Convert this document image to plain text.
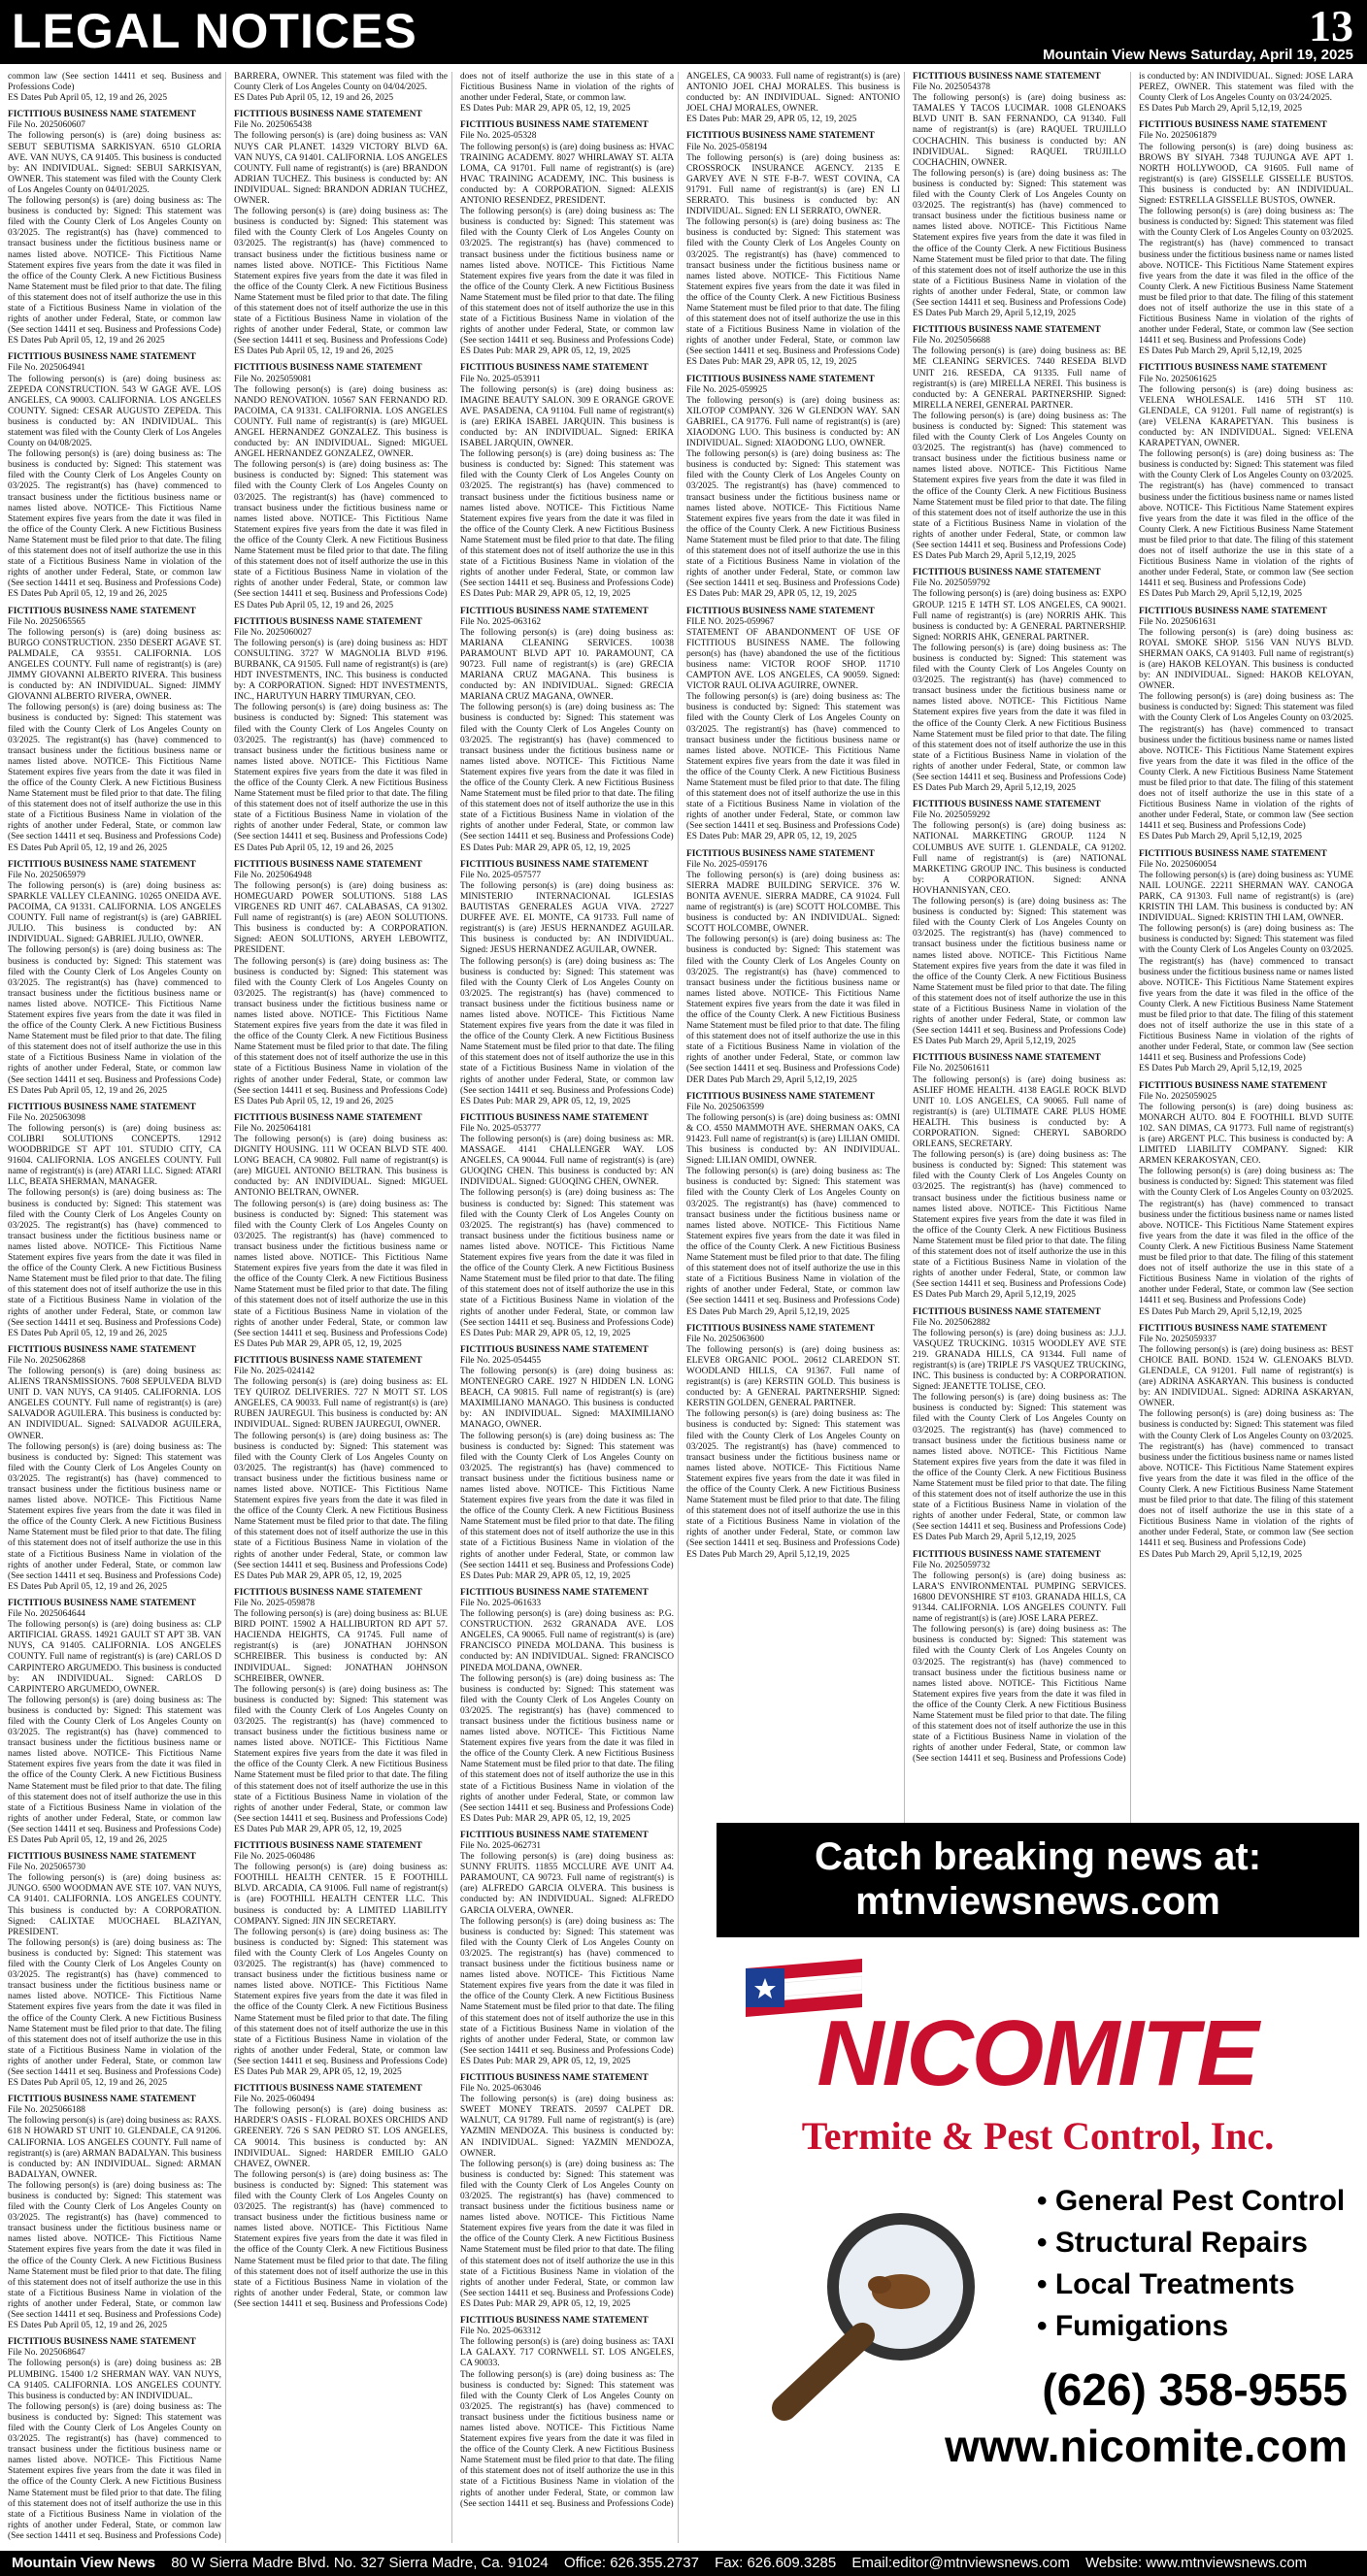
LEGAL NOTICES	13
Mountain View News Saturday, April 19, 2025
common law (See section 14411 et seq. Business and Professions Code)
ES Dates Pub April 05, 12, 19 and 26, 2025
FICTITIOUS BUSINESS NAME STATEMENT
File No. 2025060607
The following person(s) is (are) doing business as: SEBUT SEBUTISMA SARKISYAN. 6510 GLORIA AVE. VAN NUYS, CA 91405. This business is conducted by: AN INDIVIDUAL. Signed: SEBUI SARKISYAN, OWNER. This statement was filed with the County Clerk of Los Angeles County on 04/01/2025.
The following person(s) is (are) doing business as: The business is conducted by: Signed: This statement was filed with the County Clerk of Los Angeles County on 03/2025. The registrant(s) has (have) commenced to transact business under the fictitious business name or names listed above. NOTICE- This Fictitious Name Statement expires five years from the date it was filed in the office of the County Clerk. A new Fictitious Business Name Statement must be filed prior to that date. The filing of this statement does not of itself authorize the use in this state of a Fictitious Business Name in violation of the rights of another under Federal, State, or common law (See section 14411 et seq. Business and Professions Code)
ES Dates Pub April 05, 12, 19 and 26 2025
FICTITIOUS BUSINESS NAME STATEMENT
File No. 2025064941
The following person(s) is (are) doing business as: ZEPEDA CONSTRUCTION. 543 W GAGE AVE. LOS ANGELES, CA 90003. CALIFORNIA. LOS ANGELES COUNTY. Signed: CESAR AUGUSTO ZEPEDA. This business is conducted by: AN INDIVIDUAL. This statement was filed with the County Clerk of Los Angeles County on 04/08/2025.
The following person(s) is (are) doing business as: The business is conducted by: Signed: This statement was filed with the County Clerk of Los Angeles County on 03/2025. The registrant(s) has (have) commenced to transact business under the fictitious business name or names listed above. NOTICE- This Fictitious Name Statement expires five years from the date it was filed in the office of the County Clerk. A new Fictitious Business Name Statement must be filed prior to that date. The filing of this statement does not of itself authorize the use in this state of a Fictitious Business Name in violation of the rights of another under Federal, State, or common law (See section 14411 et seq. Business and Professions Code)
ES Dates Pub April 05, 12, 19 and 26, 2025
FICTITIOUS BUSINESS NAME STATEMENT
File No. 2025065565
The following person(s) is (are) doing business as: BURGO CONSTRUCTION. 2350 DESERT AGAVE ST. PALMDALE, CA 93551. CALIFORNIA. LOS ANGELES COUNTY. Full name of registrant(s) is (are) JIMMY GIOVANNI ALBERTO RIVERA. This business is conducted by: AN INDIVIDUAL. Signed: JIMMY GIOVANNI ALBERTO RIVERA, OWNER.
The following person(s) is (are) doing business as: The business is conducted by: Signed: This statement was filed with the County Clerk of Los Angeles County on 03/2025. The registrant(s) has (have) commenced to transact business under the fictitious business name or names listed above. NOTICE- This Fictitious Name Statement expires five years from the date it was filed in the office of the County Clerk. A new Fictitious Business Name Statement must be filed prior to that date. The filing of this statement does not of itself authorize the use in this state of a Fictitious Business Name in violation of the rights of another under Federal, State, or common law (See section 14411 et seq. Business and Professions Code)
ES Dates Pub April 05, 12, 19 and 26, 2025
FICTITIOUS BUSINESS NAME STATEMENT
File No. 2025065979
The following person(s) is (are) doing business as: SPARKLE VALLEY CLEANING. 10265 ONEIDA AVE. PACOIMA, CA 91331. CALIFORNIA. LOS ANGELES COUNTY. Full name of registrant(s) is (are) GABRIEL JULIO. This business is conducted by: AN INDIVIDUAL. Signed: GABRIEL JULIO, OWNER.
The following person(s) is (are) doing business as: The business is conducted by: Signed: This statement was filed with the County Clerk of Los Angeles County on 03/2025. The registrant(s) has (have) commenced to transact business under the fictitious business name or names listed above. NOTICE- This Fictitious Name Statement expires five years from the date it was filed in the office of the County Clerk. A new Fictitious Business Name Statement must be filed prior to that date. The filing of this statement does not of itself authorize the use in this state of a Fictitious Business Name in violation of the rights of another under Federal, State, or common law (See section 14411 et seq. Business and Professions Code)
ES Dates Pub April 05, 12, 19 and 26, 2025
FICTITIOUS BUSINESS NAME STATEMENT
File No. 2025063098
The following person(s) is (are) doing business as: COLIBRI SOLUTIONS CONCEPTS. 12912 WOODBRIDGE ST APT 101. STUDIO CITY, CA 91604. CALIFORNIA. LOS ANGELES COUNTY. Full name of registrant(s) is (are) ATARI LLC. Signed: ATARI LLC, BEATA SHERMAN, MANAGER.
The following person(s) is (are) doing business as: The business is conducted by: Signed: This statement was filed with the County Clerk of Los Angeles County on 03/2025. The registrant(s) has (have) commenced to transact business under the fictitious business name or names listed above. NOTICE- This Fictitious Name Statement expires five years from the date it was filed in the office of the County Clerk. A new Fictitious Business Name Statement must be filed prior to that date. The filing of this statement does not of itself authorize the use in this state of a Fictitious Business Name in violation of the rights of another under Federal, State, or common law (See section 14411 et seq. Business and Professions Code)
ES Dates Pub April 05, 12, 19 and 26, 2025
FICTITIOUS BUSINESS NAME STATEMENT
File No. 2025062868
The following person(s) is (are) doing business as: ALIENS TRANSMISSIONS. 7608 SEPULVEDA BLVD UNIT D. VAN NUYS, CA 91405. CALIFORNIA. LOS ANGELES COUNTY. Full name of registrant(s) is (are) SALVADOR AGUILERA. This business is conducted by: AN INDIVIDUAL. Signed: SALVADOR AGUILERA, OWNER.
The following person(s) is (are) doing business as: The business is conducted by: Signed: This statement was filed with the County Clerk of Los Angeles County on 03/2025. The registrant(s) has (have) commenced to transact business under the fictitious business name or names listed above. NOTICE- This Fictitious Name Statement expires five years from the date it was filed in the office of the County Clerk. A new Fictitious Business Name Statement must be filed prior to that date. The filing of this statement does not of itself authorize the use in this state of a Fictitious Business Name in violation of the rights of another under Federal, State, or common law (See section 14411 et seq. Business and Professions Code)
ES Dates Pub April 05, 12, 19 and 26, 2025
FICTITIOUS BUSINESS NAME STATEMENT
File No. 2025064644
The following person(s) is (are) doing business as: CLP ARTIFICIAL GRASS. 14921 GAULT ST APT 3B. VAN NUYS, CA 91405. CALIFORNIA. LOS ANGELES COUNTY. Full name of registrant(s) is (are) CARLOS D CARPINTERO ARGUMEDO. This business is conducted by: AN INDIVIDUAL. Signed: CARLOS D CARPINTERO ARGUMEDO, OWNER.
The following person(s) is (are) doing business as: The business is conducted by: Signed: This statement was filed with the County Clerk of Los Angeles County on 03/2025. The registrant(s) has (have) commenced to transact business under the fictitious business name or names listed above. NOTICE- This Fictitious Name Statement expires five years from the date it was filed in the office of the County Clerk. A new Fictitious Business Name Statement must be filed prior to that date. The filing of this statement does not of itself authorize the use in this state of a Fictitious Business Name in violation of the rights of another under Federal, State, or common law (See section 14411 et seq. Business and Professions Code)
ES Dates Pub April 05, 12, 19 and 26, 2025
FICTITIOUS BUSINESS NAME STATEMENT
File No. 2025065730
The following person(s) is (are) doing business as: JUNGO. 6500 WOODMAN AVE STE 107. VAN NUYS, CA 91401. CALIFORNIA. LOS ANGELES COUNTY. This business is conducted by: A CORPORATION. Signed: CALIXTAE MUOCHAEL BLAZIYAN, PRESIDENT.
The following person(s) is (are) doing business as: The business is conducted by: Signed: This statement was filed with the County Clerk of Los Angeles County on 03/2025. The registrant(s) has (have) commenced to transact business under the fictitious business name or names listed above. NOTICE- This Fictitious Name Statement expires five years from the date it was filed in the office of the County Clerk. A new Fictitious Business Name Statement must be filed prior to that date. The filing of this statement does not of itself authorize the use in this state of a Fictitious Business Name in violation of the rights of another under Federal, State, or common law (See section 14411 et seq. Business and Professions Code)
ES Dates Pub April 05, 12, 19 and 26, 2025
FICTITIOUS BUSINESS NAME STATEMENT
File No. 2025066188
The following person(s) is (are) doing business as: RAXS. 618 N HOWARD ST UNIT 10. GLENDALE, CA 91206. CALIFORNIA. LOS ANGELES COUNTY. Full name of registrant(s) is (are) ARMAN BADALYAN. This business is conducted by: AN INDIVIDUAL. Signed: ARMAN BADALYAN, OWNER.
The following person(s) is (are) doing business as: The business is conducted by: Signed: This statement was filed with the County Clerk of Los Angeles County on 03/2025. The registrant(s) has (have) commenced to transact business under the fictitious business name or names listed above. NOTICE- This Fictitious Name Statement expires five years from the date it was filed in the office of the County Clerk. A new Fictitious Business Name Statement must be filed prior to that date. The filing of this statement does not of itself authorize the use in this state of a Fictitious Business Name in violation of the rights of another under Federal, State, or common law (See section 14411 et seq. Business and Professions Code)
ES Dates Pub April 05, 12, 19 and 26, 2025
FICTITIOUS BUSINESS NAME STATEMENT
File No. 2025068647
The following person(s) is (are) doing business as: 2B PLUMBING. 15400 1/2 SHERMAN WAY. VAN NUYS, CA 91405. CALIFORNIA. LOS ANGELES COUNTY. This business is conducted by: AN INDIVIDUAL.
The following person(s) is (are) doing business as: The business is conducted by: Signed: This statement was filed with the County Clerk of Los Angeles County on 03/2025. The registrant(s) has (have) commenced to transact business under the fictitious business name or names listed above. NOTICE- This Fictitious Name Statement expires five years from the date it was filed in the office of the County Clerk. A new Fictitious Business Name Statement must be filed prior to that date. The filing of this statement does not of itself authorize the use in this state of a Fictitious Business Name in violation of the rights of another under Federal, State, or common law (See section 14411 et seq. Business and Professions Code)
BARRERA, OWNER. This statement was filed with the County Clerk of Los Angeles County on 04/04/2025.
ES Dates Pub April 05, 12, 19 and 26, 2025
FICTITIOUS BUSINESS NAME STATEMENT
File No. 2025065438
The following person(s) is (are) doing business as: VAN NUYS CAR PLANET. 14329 VICTORY BLVD 6A. VAN NUYS, CA 91401. CALIFORNIA. LOS ANGELES COUNTY. Full name of registrant(s) is (are) BRANDON ADRIAN TUCHEZ. This business is conducted by: AN INDIVIDUAL. Signed: BRANDON ADRIAN TUCHEZ, OWNER.
The following person(s) is (are) doing business as: The business is conducted by: Signed: This statement was filed with the County Clerk of Los Angeles County on 03/2025. The registrant(s) has (have) commenced to transact business under the fictitious business name or names listed above. NOTICE- This Fictitious Name Statement expires five years from the date it was filed in the office of the County Clerk. A new Fictitious Business Name Statement must be filed prior to that date. The filing of this statement does not of itself authorize the use in this state of a Fictitious Business Name in violation of the rights of another under Federal, State, or common law (See section 14411 et seq. Business and Professions Code)
ES Dates Pub April 05, 12, 19 and 26, 2025
FICTITIOUS BUSINESS NAME STATEMENT
File No. 2025059081
The following person(s) is (are) doing business as: NANDO RENOVATION. 10567 SAN FERNANDO RD. PACOIMA, CA 91331. CALIFORNIA. LOS ANGELES COUNTY. Full name of registrant(s) is (are) MIGUEL ANGEL HERNANDEZ GONZALEZ. This business is conducted by: AN INDIVIDUAL. Signed: MIGUEL ANGEL HERNANDEZ GONZALEZ, OWNER.
The following person(s) is (are) doing business as: The business is conducted by: Signed: This statement was filed with the County Clerk of Los Angeles County on 03/2025. The registrant(s) has (have) commenced to transact business under the fictitious business name or names listed above. NOTICE- This Fictitious Name Statement expires five years from the date it was filed in the office of the County Clerk. A new Fictitious Business Name Statement must be filed prior to that date. The filing of this statement does not of itself authorize the use in this state of a Fictitious Business Name in violation of the rights of another under Federal, State, or common law (See section 14411 et seq. Business and Professions Code)
ES Dates Pub April 05, 12, 19 and 26, 2025
FICTITIOUS BUSINESS NAME STATEMENT
File No. 2025060027
The following person(s) is (are) doing business as: HDT CONSULTING. 3727 W MAGNOLIA BLVD #196. BURBANK, CA 91505. Full name of registrant(s) is (are) HDT INVESTMENTS, INC. This business is conducted by: A CORPORATION. Signed: HDT INVESTMENTS, INC., HARUTYUN HARRY TIMURYAN, CEO.
The following person(s) is (are) doing business as: The business is conducted by: Signed: This statement was filed with the County Clerk of Los Angeles County on 03/2025. The registrant(s) has (have) commenced to transact business under the fictitious business name or names listed above. NOTICE- This Fictitious Name Statement expires five years from the date it was filed in the office of the County Clerk. A new Fictitious Business Name Statement must be filed prior to that date. The filing of this statement does not of itself authorize the use in this state of a Fictitious Business Name in violation of the rights of another under Federal, State, or common law (See section 14411 et seq. Business and Professions Code)
ES Dates Pub April 05, 12, 19 and 26, 2025
FICTITIOUS BUSINESS NAME STATEMENT
File No. 2025064948
The following person(s) is (are) doing business as: HOMEGUARD POWER SOLUTIONS. 5188 LAS VIRGENES RD UNIT 467. CALABASAS, CA 91302. Full name of registrant(s) is (are) AEON SOLUTIONS. This business is conducted by: A CORPORATION. Signed: AEON SOLUTIONS, ARYEH LEBOWITZ, PRESIDENT.
The following person(s) is (are) doing business as: The business is conducted by: Signed: This statement was filed with the County Clerk of Los Angeles County on 03/2025. The registrant(s) has (have) commenced to transact business under the fictitious business name or names listed above. NOTICE- This Fictitious Name Statement expires five years from the date it was filed in the office of the County Clerk. A new Fictitious Business Name Statement must be filed prior to that date. The filing of this statement does not of itself authorize the use in this state of a Fictitious Business Name in violation of the rights of another under Federal, State, or common law (See section 14411 et seq. Business and Professions Code)
ES Dates Pub April 05, 12, 19 and 26, 2025
FICTITIOUS BUSINESS NAME STATEMENT
File No. 2025064181
The following person(s) is (are) doing business as: DIGNITY HOUSING. 111 W OCEAN BLVD STE 400. LONG BEACH, CA 90802. Full name of registrant(s) is (are) MIGUEL ANTONIO BELTRAN. This business is conducted by: AN INDIVIDUAL. Signed: MIGUEL ANTONIO BELTRAN, OWNER.
The following person(s) is (are) doing business as: The business is conducted by: Signed: This statement was filed with the County Clerk of Los Angeles County on 03/2025. The registrant(s) has (have) commenced to transact business under the fictitious business name or names listed above. NOTICE- This Fictitious Name Statement expires five years from the date it was filed in the office of the County Clerk. A new Fictitious Business Name Statement must be filed prior to that date. The filing of this statement does not of itself authorize the use in this state of a Fictitious Business Name in violation of the rights of another under Federal, State, or common law (See section 14411 et seq. Business and Professions Code)
ES Dates Pub MAR 29, APR 05, 12, 19, 2025
FICTITIOUS BUSINESS NAME STATEMENT
File No. 2025-024142
The following person(s) is (are) doing business as: EL TEY QUIROZ DELIVERIES. 727 N MOTT ST. LOS ANGELES, CA 90033. Full name of registrant(s) is (are) RUBEN JAUREGUI. This business is conducted by: AN INDIVIDUAL. Signed: RUBEN JAUREGUI, OWNER.
The following person(s) is (are) doing business as: The business is conducted by: Signed: This statement was filed with the County Clerk of Los Angeles County on 03/2025. The registrant(s) has (have) commenced to transact business under the fictitious business name or names listed above. NOTICE- This Fictitious Name Statement expires five years from the date it was filed in the office of the County Clerk. A new Fictitious Business Name Statement must be filed prior to that date. The filing of this statement does not of itself authorize the use in this state of a Fictitious Business Name in violation of the rights of another under Federal, State, or common law (See section 14411 et seq. Business and Professions Code)
ES Dates Pub MAR 29, APR 05, 12, 19, 2025
FICTITIOUS BUSINESS NAME STATEMENT
File No. 2025-059878
The following person(s) is (are) doing business as: BLUE BIRD POINT. 15902 A HALLIBURTON RD APT 57. HACIENDA HEIGHTS, CA 91745. Full name of registrant(s) is (are) JONATHAN JOHNSON SCHREIBER. This business is conducted by: AN INDIVIDUAL. Signed: JONATHAN JOHNSON SCHREIBER, OWNER.
The following person(s) is (are) doing business as: The business is conducted by: Signed: This statement was filed with the County Clerk of Los Angeles County on 03/2025. The registrant(s) has (have) commenced to transact business under the fictitious business name or names listed above. NOTICE- This Fictitious Name Statement expires five years from the date it was filed in the office of the County Clerk. A new Fictitious Business Name Statement must be filed prior to that date. The filing of this statement does not of itself authorize the use in this state of a Fictitious Business Name in violation of the rights of another under Federal, State, or common law (See section 14411 et seq. Business and Professions Code)
ES Dates Pub MAR 29, APR 05, 12, 19, 2025
FICTITIOUS BUSINESS NAME STATEMENT
File No. 2025-060486
The following person(s) is (are) doing business as: FOOTHILL HEALTH CENTER. 15 E FOOTHILL BLVD. ARCADIA, CA 91006. Full name of registrant(s) is (are) FOOTHILL HEALTH CENTER LLC. This business is conducted by: A LIMITED LIABILITY COMPANY. Signed: JIN JIN SECRETARY.
The following person(s) is (are) doing business as: The business is conducted by: Signed: This statement was filed with the County Clerk of Los Angeles County on 03/2025. The registrant(s) has (have) commenced to transact business under the fictitious business name or names listed above. NOTICE- This Fictitious Name Statement expires five years from the date it was filed in the office of the County Clerk. A new Fictitious Business Name Statement must be filed prior to that date. The filing of this statement does not of itself authorize the use in this state of a Fictitious Business Name in violation of the rights of another under Federal, State, or common law (See section 14411 et seq. Business and Professions Code)
ES Dates Pub MAR 29, APR 05, 12, 19, 2025
FICTITIOUS BUSINESS NAME STATEMENT
File No. 2025-060494
The following person(s) is (are) doing business as: HARDER'S OASIS - FLORAL BOXES ORCHIDS AND GREENERY. 726 S SAN PEDRO ST. LOS ANGELES, CA 90014. This business is conducted by: AN INDIVIDUAL. Signed: HARDER EMILIO GALO CHAVEZ, OWNER.
The following person(s) is (are) doing business as: The business is conducted by: Signed: This statement was filed with the County Clerk of Los Angeles County on 03/2025. The registrant(s) has (have) commenced to transact business under the fictitious business name or names listed above. NOTICE- This Fictitious Name Statement expires five years from the date it was filed in the office of the County Clerk. A new Fictitious Business Name Statement must be filed prior to that date. The filing of this statement does not of itself authorize the use in this state of a Fictitious Business Name in violation of the rights of another under Federal, State, or common law (See section 14411 et seq. Business and Professions Code)
does not of itself authorize the use in this state of a Fictitious Business Name in violation of the rights of another under Federal, State, or common law.
ES Dates Pub: MAR 29, APR 05, 12, 19, 2025
FICTITIOUS BUSINESS NAME STATEMENT
File No. 2025-05328
The following person(s) is (are) doing business as: HVAC TRAINING ACADEMY. 8027 WHIRLAWAY ST. ALTA LOMA, CA 91701. Full name of registrant(s) is (are) HVAC TRAINING ACADEMY, INC. This business is conducted by: A CORPORATION. Signed: ALEXIS ANTONIO RESENDEZ, PRESIDENT.
The following person(s) is (are) doing business as: The business is conducted by: Signed: This statement was filed with the County Clerk of Los Angeles County on 03/2025. The registrant(s) has (have) commenced to transact business under the fictitious business name or names listed above. NOTICE- This Fictitious Name Statement expires five years from the date it was filed in the office of the County Clerk. A new Fictitious Business Name Statement must be filed prior to that date. The filing of this statement does not of itself authorize the use in this state of a Fictitious Business Name in violation of the rights of another under Federal, State, or common law (See section 14411 et seq. Business and Professions Code)
ES Dates Pub: MAR 29, APR 05, 12, 19, 2025
FICTITIOUS BUSINESS NAME STATEMENT
File No. 2025-053911
The following person(s) is (are) doing business as: IMAGINE BEAUTY SALON. 309 E ORANGE GROVE AVE. PASADENA, CA 91104. Full name of registrant(s) is (are) ERIKA ISABEL JARQUIN. This business is conducted by: AN INDIVIDUAL. Signed: ERIKA ISABEL JARQUIN, OWNER.
The following person(s) is (are) doing business as: The business is conducted by: Signed: This statement was filed with the County Clerk of Los Angeles County on 03/2025. The registrant(s) has (have) commenced to transact business under the fictitious business name or names listed above. NOTICE- This Fictitious Name Statement expires five years from the date it was filed in the office of the County Clerk. A new Fictitious Business Name Statement must be filed prior to that date. The filing of this statement does not of itself authorize the use in this state of a Fictitious Business Name in violation of the rights of another under Federal, State, or common law (See section 14411 et seq. Business and Professions Code)
ES Dates Pub: MAR 29, APR 05, 12, 19, 2025
FICTITIOUS BUSINESS NAME STATEMENT
File No. 2025-063162
The following person(s) is (are) doing business as: MARIANA CLEANING SERVICES. 10038 PARAMOUNT BLVD APT 10. PARAMOUNT, CA 90723. Full name of registrant(s) is (are) GRECIA MARIANA CRUZ MAGANA. This business is conducted by: AN INDIVIDUAL. Signed: GRECIA MARIANA CRUZ MAGANA, OWNER.
The following person(s) is (are) doing business as: The business is conducted by: Signed: This statement was filed with the County Clerk of Los Angeles County on 03/2025. The registrant(s) has (have) commenced to transact business under the fictitious business name or names listed above. NOTICE- This Fictitious Name Statement expires five years from the date it was filed in the office of the County Clerk. A new Fictitious Business Name Statement must be filed prior to that date. The filing of this statement does not of itself authorize the use in this state of a Fictitious Business Name in violation of the rights of another under Federal, State, or common law (See section 14411 et seq. Business and Professions Code)
ES Dates Pub: MAR 29, APR 05, 12, 19, 2025
FICTITIOUS BUSINESS NAME STATEMENT
File No. 2025-057577
The following person(s) is (are) doing business as: MINISTERIO INTERNACIONAL IGLESIAS BAUTISTAS GENERALES AGUA VIVA. 27227 DURFEE AVE. EL MONTE, CA 91733. Full name of registrant(s) is (are) JESUS HERNANDEZ AGUILAR. This business is conducted by: AN INDIVIDUAL. Signed: JESUS HERNANDEZ AGUILAR, OWNER.
The following person(s) is (are) doing business as: The business is conducted by: Signed: This statement was filed with the County Clerk of Los Angeles County on 03/2025. The registrant(s) has (have) commenced to transact business under the fictitious business name or names listed above. NOTICE- This Fictitious Name Statement expires five years from the date it was filed in the office of the County Clerk. A new Fictitious Business Name Statement must be filed prior to that date. The filing of this statement does not of itself authorize the use in this state of a Fictitious Business Name in violation of the rights of another under Federal, State, or common law (See section 14411 et seq. Business and Professions Code)
ES Dates Pub: MAR 29, APR 05, 12, 19, 2025
FICTITIOUS BUSINESS NAME STATEMENT
File No. 2025-053777
The following person(s) is (are) doing business as: MR. MASSAGE. 4141 CHALLENGER WAY. LOS ANGELES, CA 90044. Full name of registrant(s) is (are) GUOQING CHEN. This business is conducted by: AN INDIVIDUAL. Signed: GUOQING CHEN, OWNER.
The following person(s) is (are) doing business as: The business is conducted by: Signed: This statement was filed with the County Clerk of Los Angeles County on 03/2025. The registrant(s) has (have) commenced to transact business under the fictitious business name or names listed above. NOTICE- This Fictitious Name Statement expires five years from the date it was filed in the office of the County Clerk. A new Fictitious Business Name Statement must be filed prior to that date. The filing of this statement does not of itself authorize the use in this state of a Fictitious Business Name in violation of the rights of another under Federal, State, or common law (See section 14411 et seq. Business and Professions Code)
ES Dates Pub: MAR 29, APR 05, 12, 19, 2025
FICTITIOUS BUSINESS NAME STATEMENT
File No. 2025-054455
The following person(s) is (are) doing business as: MONTENEGRO CARE. 1927 N HIDDEN LN. LONG BEACH, CA 90815. Full name of registrant(s) is (are) MAXIMILIANO MANAGO. This business is conducted by: AN INDIVIDUAL. Signed: MAXIMILIANO MANAGO, OWNER.
The following person(s) is (are) doing business as: The business is conducted by: Signed: This statement was filed with the County Clerk of Los Angeles County on 03/2025. The registrant(s) has (have) commenced to transact business under the fictitious business name or names listed above. NOTICE- This Fictitious Name Statement expires five years from the date it was filed in the office of the County Clerk. A new Fictitious Business Name Statement must be filed prior to that date. The filing of this statement does not of itself authorize the use in this state of a Fictitious Business Name in violation of the rights of another under Federal, State, or common law (See section 14411 et seq. Business and Professions Code)
ES Dates Pub: MAR 29, APR 05, 12, 19, 2025
FICTITIOUS BUSINESS NAME STATEMENT
File No. 2025-061633
The following person(s) is (are) doing business as: P.G. CONSTRUCTION. 2632 GRANADA AVE. LOS ANGELES, CA 90065. Full name of registrant(s) is (are) FRANCISCO PINEDA MOLDANA. This business is conducted by: AN INDIVIDUAL. Signed: FRANCISCO PINEDA MOLDANA, OWNER.
The following person(s) is (are) doing business as: The business is conducted by: Signed: This statement was filed with the County Clerk of Los Angeles County on 03/2025. The registrant(s) has (have) commenced to transact business under the fictitious business name or names listed above. NOTICE- This Fictitious Name Statement expires five years from the date it was filed in the office of the County Clerk. A new Fictitious Business Name Statement must be filed prior to that date. The filing of this statement does not of itself authorize the use in this state of a Fictitious Business Name in violation of the rights of another under Federal, State, or common law (See section 14411 et seq. Business and Professions Code)
ES Dates Pub: MAR 29, APR 05, 12, 19, 2025
FICTITIOUS BUSINESS NAME STATEMENT
File No. 2025-062731
The following person(s) is (are) doing business as: SUNNY FRUITS. 11855 MCCLURE AVE UNIT A4. PARAMOUNT, CA 90723. Full name of registrant(s) is (are) ALFREDO GARCIA OLVERA. This business is conducted by: AN INDIVIDUAL. Signed: ALFREDO GARCIA OLVERA, OWNER.
The following person(s) is (are) doing business as: The business is conducted by: Signed: This statement was filed with the County Clerk of Los Angeles County on 03/2025. The registrant(s) has (have) commenced to transact business under the fictitious business name or names listed above. NOTICE- This Fictitious Name Statement expires five years from the date it was filed in the office of the County Clerk. A new Fictitious Business Name Statement must be filed prior to that date. The filing of this statement does not of itself authorize the use in this state of a Fictitious Business Name in violation of the rights of another under Federal, State, or common law (See section 14411 et seq. Business and Professions Code)
ES Dates Pub: MAR 29, APR 05, 12, 19, 2025
FICTITIOUS BUSINESS NAME STATEMENT
File No. 2025-063046
The following person(s) is (are) doing business as: SWEET MONEY TREATS. 20597 CALPET DR. WALNUT, CA 91789. Full name of registrant(s) is (are) YAZMIN MENDOZA. This business is conducted by: AN INDIVIDUAL. Signed: YAZMIN MENDOZA, OWNER.
The following person(s) is (are) doing business as: The business is conducted by: Signed: This statement was filed with the County Clerk of Los Angeles County on 03/2025. The registrant(s) has (have) commenced to transact business under the fictitious business name or names listed above. NOTICE- This Fictitious Name Statement expires five years from the date it was filed in the office of the County Clerk. A new Fictitious Business Name Statement must be filed prior to that date. The filing of this statement does not of itself authorize the use in this state of a Fictitious Business Name in violation of the rights of another under Federal, State, or common law (See section 14411 et seq. Business and Professions Code)
ES Dates Pub: MAR 29, APR 05, 12, 19, 2025
FICTITIOUS BUSINESS NAME STATEMENT
File No. 2025-063312
The following person(s) is (are) doing business as: TAXI LA GALAXY. 717 CORNWELL ST. LOS ANGELES, CA 90033.
The following person(s) is (are) doing business as: The business is conducted by: Signed: This statement was filed with the County Clerk of Los Angeles County on 03/2025. The registrant(s) has (have) commenced to transact business under the fictitious business name or names listed above. NOTICE- This Fictitious Name Statement expires five years from the date it was filed in the office of the County Clerk. A new Fictitious Business Name Statement must be filed prior to that date. The filing of this statement does not of itself authorize the use in this state of a Fictitious Business Name in violation of the rights of another under Federal, State, or common law (See section 14411 et seq. Business and Professions Code)
ANGELES, CA 90033. Full name of registrant(s) is (are) ANTONIO JOEL CHAJ MORALES. This business is conducted by: AN INDIVIDUAL. Signed: ANTONIO JOEL CHAJ MORALES, OWNER.
ES Dates Pub: MAR 29, APR 05, 12, 19, 2025
FICTITIOUS BUSINESS NAME STATEMENT
File No. 2025-058194
The following person(s) is (are) doing business as: CROSSROCK INSURANCE AGENCY. 2135 E GARVEY AVE N STE F-B-7. WEST COVINA, CA 91791. Full name of registrant(s) is (are) EN LI SERRATO. This business is conducted by: AN INDIVIDUAL. Signed: EN LI SERRATO, OWNER.
The following person(s) is (are) doing business as: The business is conducted by: Signed: This statement was filed with the County Clerk of Los Angeles County on 03/2025. The registrant(s) has (have) commenced to transact business under the fictitious business name or names listed above. NOTICE- This Fictitious Name Statement expires five years from the date it was filed in the office of the County Clerk. A new Fictitious Business Name Statement must be filed prior to that date. The filing of this statement does not of itself authorize the use in this state of a Fictitious Business Name in violation of the rights of another under Federal, State, or common law (See section 14411 et seq. Business and Professions Code)
ES Dates Pub: MAR 29, APR 05, 12, 19, 2025
FICTITIOUS BUSINESS NAME STATEMENT
File No. 2025-059925
The following person(s) is (are) doing business as: XILOTOP COMPANY. 326 W GLENDON WAY. SAN GABRIEL, CA 91776. Full name of registrant(s) is (are) XIAODONG LUO. This business is conducted by: AN INDIVIDUAL. Signed: XIAODONG LUO, OWNER.
The following person(s) is (are) doing business as: The business is conducted by: Signed: This statement was filed with the County Clerk of Los Angeles County on 03/2025. The registrant(s) has (have) commenced to transact business under the fictitious business name or names listed above. NOTICE- This Fictitious Name Statement expires five years from the date it was filed in the office of the County Clerk. A new Fictitious Business Name Statement must be filed prior to that date. The filing of this statement does not of itself authorize the use in this state of a Fictitious Business Name in violation of the rights of another under Federal, State, or common law (See section 14411 et seq. Business and Professions Code)
ES Dates Pub: MAR 29, APR 05, 12, 19, 2025
FICTITIOUS BUSINESS NAME STATEMENT
FILE NO. 2025-059967
STATEMENT OF ABANDONMENT OF USE OF FICTITIOUS BUSINESS NAME. The following person(s) has (have) abandoned the use of the fictitious business name: VICTOR ROOF SHOP. 11710 CAMPTON AVE. LOS ANGELES, CA 90059. Signed: VICTOR RAUL OLIVA AGUIRRE, OWNER.
The following person(s) is (are) doing business as: The business is conducted by: Signed: This statement was filed with the County Clerk of Los Angeles County on 03/2025. The registrant(s) has (have) commenced to transact business under the fictitious business name or names listed above. NOTICE- This Fictitious Name Statement expires five years from the date it was filed in the office of the County Clerk. A new Fictitious Business Name Statement must be filed prior to that date. The filing of this statement does not of itself authorize the use in this state of a Fictitious Business Name in violation of the rights of another under Federal, State, or common law (See section 14411 et seq. Business and Professions Code)
ES Dates Pub: MAR 29, APR 05, 12, 19, 2025
FICTITIOUS BUSINESS NAME STATEMENT
File No. 2025-059176
The following person(s) is (are) doing business as: SIERRA MADRE BUILDING SERVICE. 376 W. BONITA AVENUE. SIERRA MADRE, CA 91024. Full name of registrant(s) is (are) SCOTT HOLCOMBE. This business is conducted by: AN INDIVIDUAL. Signed: SCOTT HOLCOMBE, OWNER.
The following person(s) is (are) doing business as: The business is conducted by: Signed: This statement was filed with the County Clerk of Los Angeles County on 03/2025. The registrant(s) has (have) commenced to transact business under the fictitious business name or names listed above. NOTICE- This Fictitious Name Statement expires five years from the date it was filed in the office of the County Clerk. A new Fictitious Business Name Statement must be filed prior to that date. The filing of this statement does not of itself authorize the use in this state of a Fictitious Business Name in violation of the rights of another under Federal, State, or common law (See section 14411 et seq. Business and Professions Code)
DER Dates Pub March 29, April 5,12,19, 2025
FICTITIOUS BUSINESS NAME STATEMENT
File No. 2025063599
The following person(s) is (are) doing business as: OMNI & CO. 4550 MAMMOTH AVE. SHERMAN OAKS, CA 91423. Full name of registrant(s) is (are) LILIAN OMIDI. This business is conducted by: AN INDIVIDUAL. Signed: LILIAN OMIDI, OWNER.
The following person(s) is (are) doing business as: The business is conducted by: Signed: This statement was filed with the County Clerk of Los Angeles County on 03/2025. The registrant(s) has (have) commenced to transact business under the fictitious business name or names listed above. NOTICE- This Fictitious Name Statement expires five years from the date it was filed in the office of the County Clerk. A new Fictitious Business Name Statement must be filed prior to that date. The filing of this statement does not of itself authorize the use in this state of a Fictitious Business Name in violation of the rights of another under Federal, State, or common law (See section 14411 et seq. Business and Professions Code)
ES Dates Pub March 29, April 5,12,19, 2025
FICTITIOUS BUSINESS NAME STATEMENT
File No. 2025063600
The following person(s) is (are) doing business as: ELEVE8 ORGANIC POOL. 20612 CLAREDON ST. WOODLAND HILLS, CA 91367. Full name of registrant(s) is (are) KERSTIN GOLD. This business is conducted by: A GENERAL PARTNERSHIP. Signed: KERSTIN GOLDEN, GENERAL PARTNER.
The following person(s) is (are) doing business as: The business is conducted by: Signed: This statement was filed with the County Clerk of Los Angeles County on 03/2025. The registrant(s) has (have) commenced to transact business under the fictitious business name or names listed above. NOTICE- This Fictitious Name Statement expires five years from the date it was filed in the office of the County Clerk. A new Fictitious Business Name Statement must be filed prior to that date. The filing of this statement does not of itself authorize the use in this state of a Fictitious Business Name in violation of the rights of another under Federal, State, or common law (See section 14411 et seq. Business and Professions Code)
ES Dates Pub March 29, April 5,12,19, 2025
FICTITIOUS BUSINESS NAME STATEMENT
File No. 2025054378
The following person(s) is (are) doing business as: TAMALES Y TACOS LUCIMAR. 1008 GLENOAKS BLVD UNIT B. SAN FERNANDO, CA 91340. Full name of registrant(s) is (are) RAQUEL TRUJILLO COCHACHIN. This business is conducted by: AN INDIVIDUAL. Signed: RAQUEL TRUJILLO COCHACHIN, OWNER.
The following person(s) is (are) doing business as: The business is conducted by: Signed: This statement was filed with the County Clerk of Los Angeles County on 03/2025. The registrant(s) has (have) commenced to transact business under the fictitious business name or names listed above. NOTICE- This Fictitious Name Statement expires five years from the date it was filed in the office of the County Clerk. A new Fictitious Business Name Statement must be filed prior to that date. The filing of this statement does not of itself authorize the use in this state of a Fictitious Business Name in violation of the rights of another under Federal, State, or common law (See section 14411 et seq. Business and Professions Code)
ES Dates Pub March 29, April 5,12,19, 2025
FICTITIOUS BUSINESS NAME STATEMENT
File No. 2025056688
The following person(s) is (are) doing business as: BE ME CLEANING SERVICES. 7440 RESEDA BLVD UNIT 216. RESEDA, CA 91335. Full name of registrant(s) is (are) MIRELLA NEREI. This business is conducted by: A GENERAL PARTNERSHIP. Signed: MIRELLA NEREI, GENERAL PARTNER.
The following person(s) is (are) doing business as: The business is conducted by: Signed: This statement was filed with the County Clerk of Los Angeles County on 03/2025. The registrant(s) has (have) commenced to transact business under the fictitious business name or names listed above. NOTICE- This Fictitious Name Statement expires five years from the date it was filed in the office of the County Clerk. A new Fictitious Business Name Statement must be filed prior to that date. The filing of this statement does not of itself authorize the use in this state of a Fictitious Business Name in violation of the rights of another under Federal, State, or common law (See section 14411 et seq. Business and Professions Code)
ES Dates Pub March 29, April 5,12,19, 2025
FICTITIOUS BUSINESS NAME STATEMENT
File No. 2025059792
The following person(s) is (are) doing business as: EXPO GROUP. 1215 E 14TH ST. LOS ANGELES, CA 90021. Full name of registrant(s) is (are) NORRIS AHK. This business is conducted by: A GENERAL PARTNERSHIP. Signed: NORRIS AHK, GENERAL PARTNER.
The following person(s) is (are) doing business as: The business is conducted by: Signed: This statement was filed with the County Clerk of Los Angeles County on 03/2025. The registrant(s) has (have) commenced to transact business under the fictitious business name or names listed above. NOTICE- This Fictitious Name Statement expires five years from the date it was filed in the office of the County Clerk. A new Fictitious Business Name Statement must be filed prior to that date. The filing of this statement does not of itself authorize the use in this state of a Fictitious Business Name in violation of the rights of another under Federal, State, or common law (See section 14411 et seq. Business and Professions Code)
ES Dates Pub March 29, April 5,12,19, 2025
FICTITIOUS BUSINESS NAME STATEMENT
File No. 2025059292
The following person(s) is (are) doing business as: NATIONAL MARKETING GROUP. 1124 N COLUMBUS AVE SUITE 1. GLENDALE, CA 91202. Full name of registrant(s) is (are) NATIONAL MARKETING GROUP INC. This business is conducted by: A CORPORATION. Signed: ANNA HOVHANNISYAN, CEO.
The following person(s) is (are) doing business as: The business is conducted by: Signed: This statement was filed with the County Clerk of Los Angeles County on 03/2025. The registrant(s) has (have) commenced to transact business under the fictitious business name or names listed above. NOTICE- This Fictitious Name Statement expires five years from the date it was filed in the office of the County Clerk. A new Fictitious Business Name Statement must be filed prior to that date. The filing of this statement does not of itself authorize the use in this state of a Fictitious Business Name in violation of the rights of another under Federal, State, or common law (See section 14411 et seq. Business and Professions Code)
ES Dates Pub March 29, April 5,12,19, 2025
FICTITIOUS BUSINESS NAME STATEMENT
File No. 2025061611
The following person(s) is (are) doing business as: ASLIEF HOME HEALTH. 4138 EAGLE ROCK BLVD UNIT 10. LOS ANGELES, CA 90065. Full name of registrant(s) is (are) ULTIMATE CARE PLUS HOME HEALTH. This business is conducted by: A CORPORATION. Signed: CHERYL SABORDO ORLEANS, SECRETARY.
The following person(s) is (are) doing business as: The business is conducted by: Signed: This statement was filed with the County Clerk of Los Angeles County on 03/2025. The registrant(s) has (have) commenced to transact business under the fictitious business name or names listed above. NOTICE- This Fictitious Name Statement expires five years from the date it was filed in the office of the County Clerk. A new Fictitious Business Name Statement must be filed prior to that date. The filing of this statement does not of itself authorize the use in this state of a Fictitious Business Name in violation of the rights of another under Federal, State, or common law (See section 14411 et seq. Business and Professions Code)
ES Dates Pub March 29, April 5,12,19, 2025
FICTITIOUS BUSINESS NAME STATEMENT
File No. 2025062882
The following person(s) is (are) doing business as: J.J.J. VASQUEZ TRUCKING. 10315 WOODLEY AVE STE 219. GRANADA HILLS, CA 91344. Full name of registrant(s) is (are) TRIPLE J'S VASQUEZ TRUCKING, INC. This business is conducted by: A CORPORATION. Signed: JEANETTE TOLISE, CEO.
The following person(s) is (are) doing business as: The business is conducted by: Signed: This statement was filed with the County Clerk of Los Angeles County on 03/2025. The registrant(s) has (have) commenced to transact business under the fictitious business name or names listed above. NOTICE- This Fictitious Name Statement expires five years from the date it was filed in the office of the County Clerk. A new Fictitious Business Name Statement must be filed prior to that date. The filing of this statement does not of itself authorize the use in this state of a Fictitious Business Name in violation of the rights of another under Federal, State, or common law (See section 14411 et seq. Business and Professions Code)
ES Dates Pub March 29, April 5,12,19, 2025
FICTITIOUS BUSINESS NAME STATEMENT
File No. 2025059732
The following person(s) is (are) doing business as: LARA'S ENVIRONMENTAL PUMPING SERVICES. 16800 DEVONSHIRE ST #103. GRANADA HILLS, CA 91344. CALIFORNIA. LOS ANGELES COUNTY. Full name of registrant(s) is (are) JOSE LARA PEREZ.
The following person(s) is (are) doing business as: The business is conducted by: Signed: This statement was filed with the County Clerk of Los Angeles County on 03/2025. The registrant(s) has (have) commenced to transact business under the fictitious business name or names listed above. NOTICE- This Fictitious Name Statement expires five years from the date it was filed in the office of the County Clerk. A new Fictitious Business Name Statement must be filed prior to that date. The filing of this statement does not of itself authorize the use in this state of a Fictitious Business Name in violation of the rights of another under Federal, State, or common law (See section 14411 et seq. Business and Professions Code)
is conducted by: AN INDIVIDUAL. Signed: JOSE LARA PEREZ, OWNER. This statement was filed with the County Clerk of Los Angeles County on 03/24/2025.
ES Dates Pub March 29, April 5,12,19, 2025
FICTITIOUS BUSINESS NAME STATEMENT
File No. 2025061879
The following person(s) is (are) doing business as: BROWS BY SIYAH. 7348 TUJUNGA AVE APT 1. NORTH HOLLYWOOD, CA 91605. Full name of registrant(s) is (are) GISSELLE GISSELLE BUSTOS. This business is conducted by: AN INDIVIDUAL. Signed: ESTRELLA GISSELLE BUSTOS, OWNER.
The following person(s) is (are) doing business as: The business is conducted by: Signed: This statement was filed with the County Clerk of Los Angeles County on 03/2025. The registrant(s) has (have) commenced to transact business under the fictitious business name or names listed above. NOTICE- This Fictitious Name Statement expires five years from the date it was filed in the office of the County Clerk. A new Fictitious Business Name Statement must be filed prior to that date. The filing of this statement does not of itself authorize the use in this state of a Fictitious Business Name in violation of the rights of another under Federal, State, or common law (See section 14411 et seq. Business and Professions Code)
ES Dates Pub March 29, April 5,12,19, 2025
FICTITIOUS BUSINESS NAME STATEMENT
File No. 2025061625
The following person(s) is (are) doing business as: VELENA WHOLESALE. 1416 5TH ST 110. GLENDALE, CA 91201. Full name of registrant(s) is (are) VELENA KARAPETYAN. This business is conducted by: AN INDIVIDUAL. Signed: VELENA KARAPETYAN, OWNER.
The following person(s) is (are) doing business as: The business is conducted by: Signed: This statement was filed with the County Clerk of Los Angeles County on 03/2025. The registrant(s) has (have) commenced to transact business under the fictitious business name or names listed above. NOTICE- This Fictitious Name Statement expires five years from the date it was filed in the office of the County Clerk. A new Fictitious Business Name Statement must be filed prior to that date. The filing of this statement does not of itself authorize the use in this state of a Fictitious Business Name in violation of the rights of another under Federal, State, or common law (See section 14411 et seq. Business and Professions Code)
ES Dates Pub March 29, April 5,12,19, 2025
FICTITIOUS BUSINESS NAME STATEMENT
File No. 2025061631
The following person(s) is (are) doing business as: ROYAL SMOKE SHOP. 5156 VAN NUYS BLVD. SHERMAN OAKS, CA 91403. Full name of registrant(s) is (are) HAKOB KELOYAN. This business is conducted by: AN INDIVIDUAL. Signed: HAKOB KELOYAN, OWNER.
The following person(s) is (are) doing business as: The business is conducted by: Signed: This statement was filed with the County Clerk of Los Angeles County on 03/2025. The registrant(s) has (have) commenced to transact business under the fictitious business name or names listed above. NOTICE- This Fictitious Name Statement expires five years from the date it was filed in the office of the County Clerk. A new Fictitious Business Name Statement must be filed prior to that date. The filing of this statement does not of itself authorize the use in this state of a Fictitious Business Name in violation of the rights of another under Federal, State, or common law (See section 14411 et seq. Business and Professions Code)
ES Dates Pub March 29, April 5,12,19, 2025
FICTITIOUS BUSINESS NAME STATEMENT
File No. 2025060054
The following person(s) is (are) doing business as: YUME NAIL LOUNGE. 22211 SHERMAN WAY. CANOGA PARK, CA 91303. Full name of registrant(s) is (are) KRISTIN THI LAM. This business is conducted by: AN INDIVIDUAL. Signed: KRISTIN THI LAM, OWNER.
The following person(s) is (are) doing business as: The business is conducted by: Signed: This statement was filed with the County Clerk of Los Angeles County on 03/2025. The registrant(s) has (have) commenced to transact business under the fictitious business name or names listed above. NOTICE- This Fictitious Name Statement expires five years from the date it was filed in the office of the County Clerk. A new Fictitious Business Name Statement must be filed prior to that date. The filing of this statement does not of itself authorize the use in this state of a Fictitious Business Name in violation of the rights of another under Federal, State, or common law (See section 14411 et seq. Business and Professions Code)
ES Dates Pub March 29, April 5,12,19, 2025
FICTITIOUS BUSINESS NAME STATEMENT
File No. 2025059025
The following person(s) is (are) doing business as: MONARCH AUTO. 804 E FOOTHILL BLVD SUITE 102. SAN DIMAS, CA 91773. Full name of registrant(s) is (are) ARGENT PLC. This business is conducted by: A LIMITED LIABILITY COMPANY. Signed: KIR ARMEN KERAKOSYAN, CEO.
The following person(s) is (are) doing business as: The business is conducted by: Signed: This statement was filed with the County Clerk of Los Angeles County on 03/2025. The registrant(s) has (have) commenced to transact business under the fictitious business name or names listed above. NOTICE- This Fictitious Name Statement expires five years from the date it was filed in the office of the County Clerk. A new Fictitious Business Name Statement must be filed prior to that date. The filing of this statement does not of itself authorize the use in this state of a Fictitious Business Name in violation of the rights of another under Federal, State, or common law (See section 14411 et seq. Business and Professions Code)
ES Dates Pub March 29, April 5,12,19, 2025
FICTITIOUS BUSINESS NAME STATEMENT
File No. 2025059337
The following person(s) is (are) doing business as: BEST CHOICE BAIL BOND. 1524 W. GLENOAKS BLVD. GLENDALE, CA 91201. Full name of registrant(s) is (are) ADRINA ASKARYAN. This business is conducted by: AN INDIVIDUAL. Signed: ADRINA ASKARYAN, OWNER.
The following person(s) is (are) doing business as: The business is conducted by: Signed: This statement was filed with the County Clerk of Los Angeles County on 03/2025. The registrant(s) has (have) commenced to transact business under the fictitious business name or names listed above. NOTICE- This Fictitious Name Statement expires five years from the date it was filed in the office of the County Clerk. A new Fictitious Business Name Statement must be filed prior to that date. The filing of this statement does not of itself authorize the use in this state of a Fictitious Business Name in violation of the rights of another under Federal, State, or common law (See section 14411 et seq. Business and Professions Code)
ES Dates Pub March 29, April 5,12,19, 2025
Catch breaking news at:
mtnviewsnews.com
NICOMITE
Termite & Pest Control, Inc.
• General Pest Control
• Structural Repairs
• Local Treatments
• Fumigations
(626) 358-9555
www.nicomite.com
Mountain View News 80 W Sierra Madre Blvd. No. 327 Sierra Madre, Ca. 91024 Office: 626.355.2737 Fax: 626.609.3285 Email:editor@mtnviewsnews.com Website: www.mtnviewsnews.com
